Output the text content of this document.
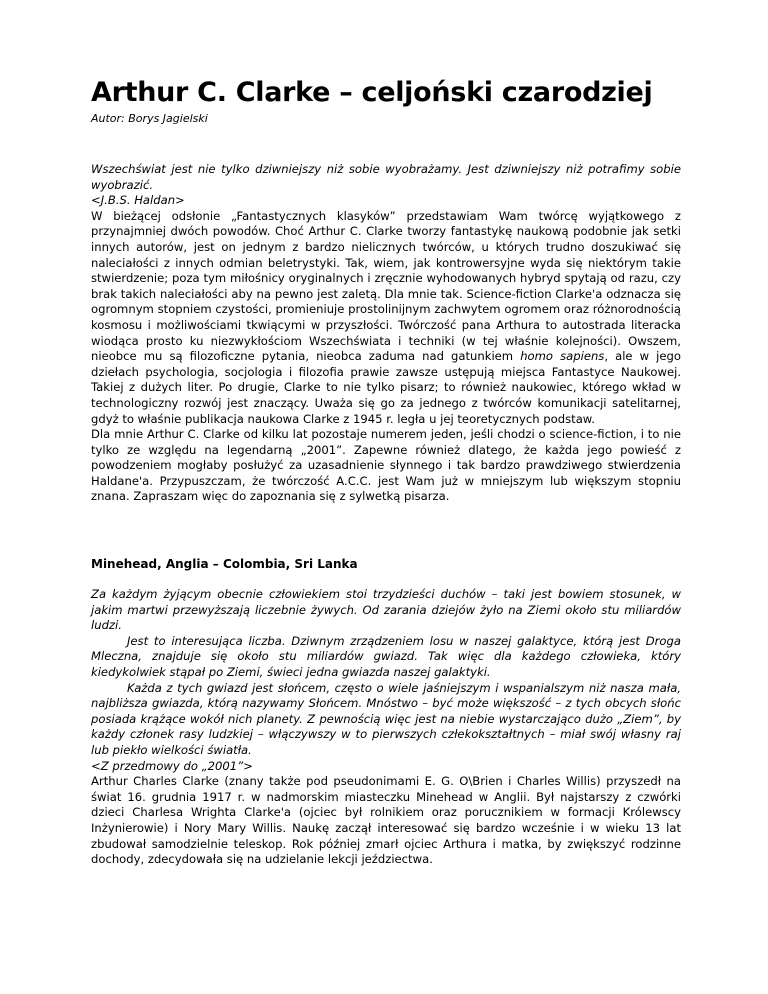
Arthur C. Clarke – celjoński czarodziej
Autor: Borys Jagielski

Wszechświat jest nie tylko dziwniejszy niż sobie wyobrażamy. Jest dziwniejszy niż potrafimy sobie wyobrazić.

<J.B.S. Haldan>

W bieżącej odsłonie „Fantastycznych klasyków” przedstawiam Wam twórcę wyjątkowego z przynajmniej dwóch powodów. Choć Arthur C. Clarke tworzy fantastykę naukową podobnie jak setki innych autorów, jest on jednym z bardzo nielicznych twórców, u których trudno doszukiwać się naleciałości z innych odmian beletrystyki. Tak, wiem, jak kontrowersyjne wyda się niektórym takie stwierdzenie; poza tym miłośnicy oryginalnych i zręcznie wyhodowanych hybryd spytają od razu, czy brak takich naleciałości aby na pewno jest zaletą. Dla mnie tak. Science-fiction Clarke'a odznacza się ogromnym stopniem czystości, promieniuje prostolinijnym zachwytem ogromem oraz różnorodnością kosmosu i możliwościami tkwiącymi w przyszłości. Twórczość pana Arthura to autostrada literacka wiodąca prosto ku niezwykłościom Wszechświata i techniki (w tej właśnie kolejności). Owszem, nieobce mu są filozoficzne pytania, nieobca zaduma nad gatunkiem homo sapiens, ale w jego dziełach psychologia, socjologia i filozofia prawie zawsze ustępują miejsca Fantastyce Naukowej. Takiej z dużych liter. Po drugie, Clarke to nie tylko pisarz; to również naukowiec, którego wkład w technologiczny rozwój jest znaczący. Uważa się go za jednego z twórców komunikacji satelitarnej, gdyż to właśnie publikacja naukowa Clarke z 1945 r. legła u jej teoretycznych podstaw.

Dla mnie Arthur C. Clarke od kilku lat pozostaje numerem jeden, jeśli chodzi o science-fiction, i to nie tylko ze względu na legendarną „2001”. Zapewne również dlatego, że każda jego powieść z powodzeniem mogłaby posłużyć za uzasadnienie słynnego i tak bardzo prawdziwego stwierdzenia Haldane'a. Przypuszczam, że twórczość A.C.C. jest Wam już w mniejszym lub większym stopniu znana. Zapraszam więc do zapoznania się z sylwetką pisarza.

Minehead, Anglia – Colombia, Sri Lanka

Za każdym żyjącym obecnie człowiekiem stoi trzydzieści duchów – taki jest bowiem stosunek, w jakim martwi przewyższają liczebnie żywych. Od zarania dziejów żyło na Ziemi około stu miliardów ludzi.

Jest to interesująca liczba. Dziwnym zrządzeniem losu w naszej galaktyce, którą jest Droga Mleczna, znajduje się około stu miliardów gwiazd. Tak więc dla każdego człowieka, który kiedykolwiek stąpał po Ziemi, świeci jedna gwiazda naszej galaktyki.

Każda z tych gwiazd jest słońcem, często o wiele jaśniejszym i wspanialszym niż nasza mała, najbliższa gwiazda, którą nazywamy Słońcem. Mnóstwo – być może większość – z tych obcych słońc posiada krążące wokół nich planety. Z pewnością więc jest na niebie wystarczająco dużo „Ziem”, by każdy członek rasy ludzkiej – włączywszy w to pierwszych człekokształtnych – miał swój własny raj lub piekło wielkości światła.

<Z przedmowy do „2001”>

Arthur Charles Clarke (znany także pod pseudonimami E. G. O\Brien i Charles Willis) przyszedł na świat 16. grudnia 1917 r. w nadmorskim miasteczku Minehead w Anglii. Był najstarszy z czwórki dzieci Charlesa Wrighta Clarke'a (ojciec był rolnikiem oraz porucznikiem w formacji Królewscy Inżynierowie) i Nory Mary Willis. Naukę zaczął interesować się bardzo wcześnie i w wieku 13 lat zbudował samodzielnie teleskop. Rok później zmarł ojciec Arthura i matka, by zwiększyć rodzinne dochody, zdecydowała się na udzielanie lekcji jeździectwa.
